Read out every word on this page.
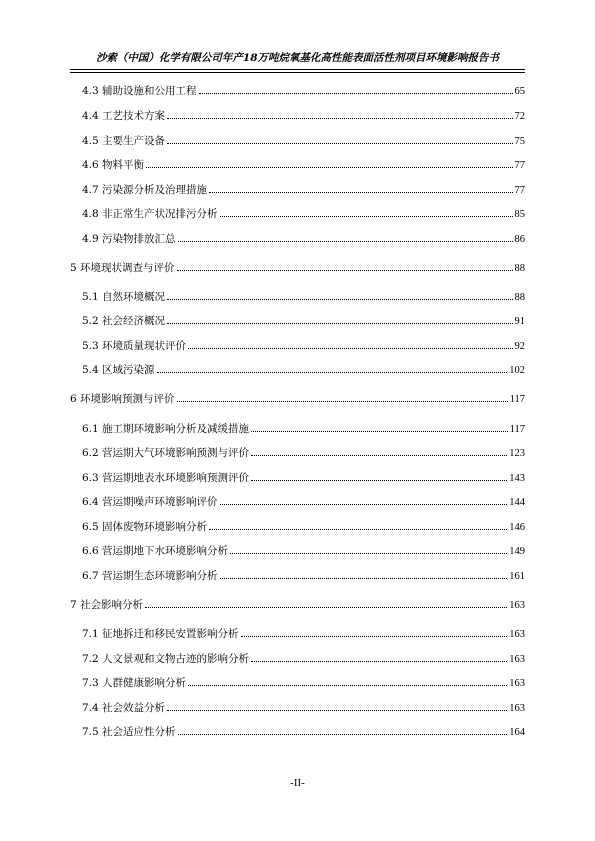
沙索（中国）化学有限公司年产18万吨烷氧基化高性能表面活性剂项目环境影响报告书
-II-
4.3 辅助设施和公用工程	65
4.4 工艺技术方案	72
4.5 主要生产设备	75
4.6 物料平衡	77
4.7 污染源分析及治理措施	77
4.8 非正常生产状况排污分析	85
4.9 污染物排放汇总	86
5 环境现状调查与评价	88
5.1 自然环境概况	88
5.2 社会经济概况	91
5.3 环境质量现状评价	92
5.4 区域污染源	102
6 环境影响预测与评价	117
6.1 施工期环境影响分析及减缓措施	117
6.2 营运期大气环境影响预测与评价	123
6.3 营运期地表水环境影响预测评价	143
6.4 营运期噪声环境影响评价	144
6.5 固体废物环境影响分析	146
6.6 营运期地下水环境影响分析	149
6.7 营运期生态环境影响分析	161
7 社会影响分析	163
7.1 征地拆迁和移民安置影响分析	163
7.2 人文景观和文物古迹的影响分析	163
7.3 人群健康影响分析	163
7.4 社会效益分析	163
7.5 社会适应性分析	164
